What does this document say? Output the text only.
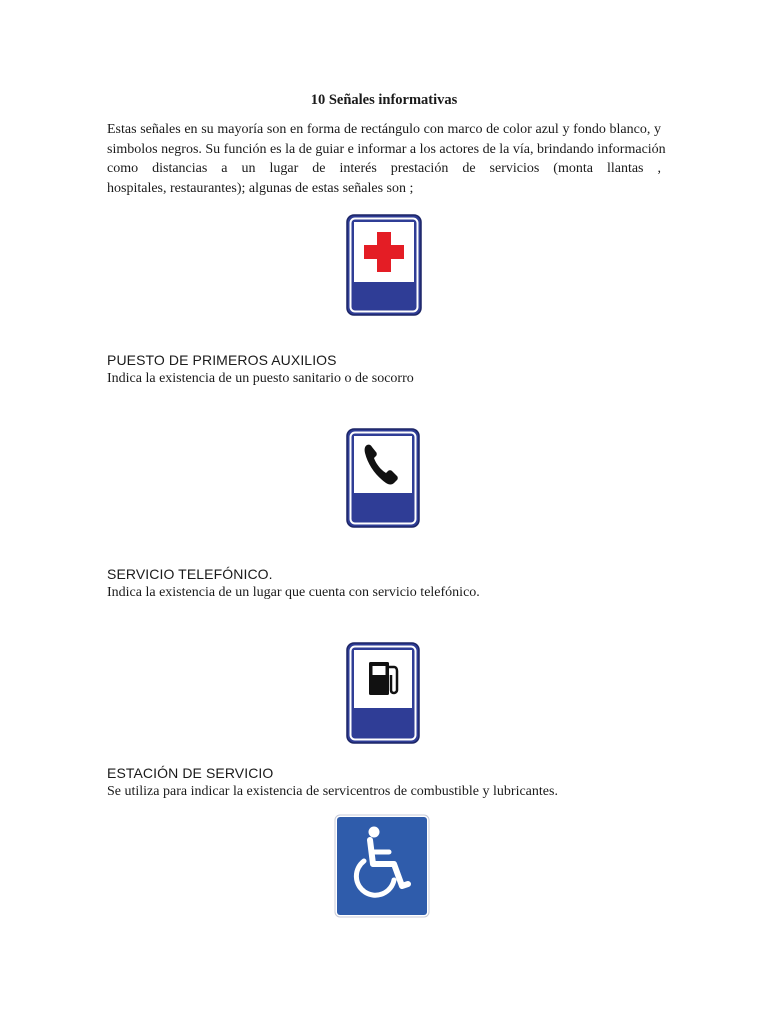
10 Señales informativas
Estas señales en su mayoría son en forma de rectángulo con marco de color azul y fondo blanco, y
simbolos negros. Su función es la de guiar e informar a los actores de la vía, brindando información
como distancias a un lugar de interés prestación de servicios (monta llantas ,
hospitales, restaurantes); algunas de estas señales son ;
PUESTO DE PRIMEROS AUXILIOS
Indica la existencia de un puesto sanitario o de socorro
SERVICIO TELEFÓNICO.
Indica la existencia de un lugar que cuenta con servicio telefónico.
ESTACIÓN DE SERVICIO
Se utiliza para indicar la existencia de servicentros de combustible y lubricantes.
